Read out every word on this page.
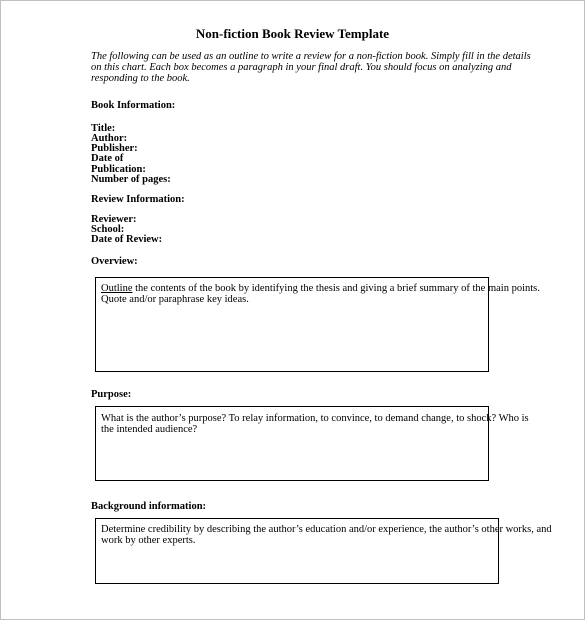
Non-fiction Book Review Template
The following can be used as an outline to write a review for a non-fiction book. Simply fill in the details
on this chart. Each box becomes a paragraph in your final draft. You should focus on analyzing and
responding to the book.
Book Information:
Title:
Author:
Publisher:
Date of
Publication:
Number of pages:
Review Information:
Reviewer:
School:
Date of Review:
Overview:
Outline the contents of the book by identifying the thesis and giving a brief summary of the main points.
Quote and/or paraphrase key ideas.
Purpose:
What is the author’s purpose? To relay information, to convince, to demand change, to shock? Who is
the intended audience?
Background information:
Determine credibility by describing the author’s education and/or experience, the author’s other works, and
work by other experts.
